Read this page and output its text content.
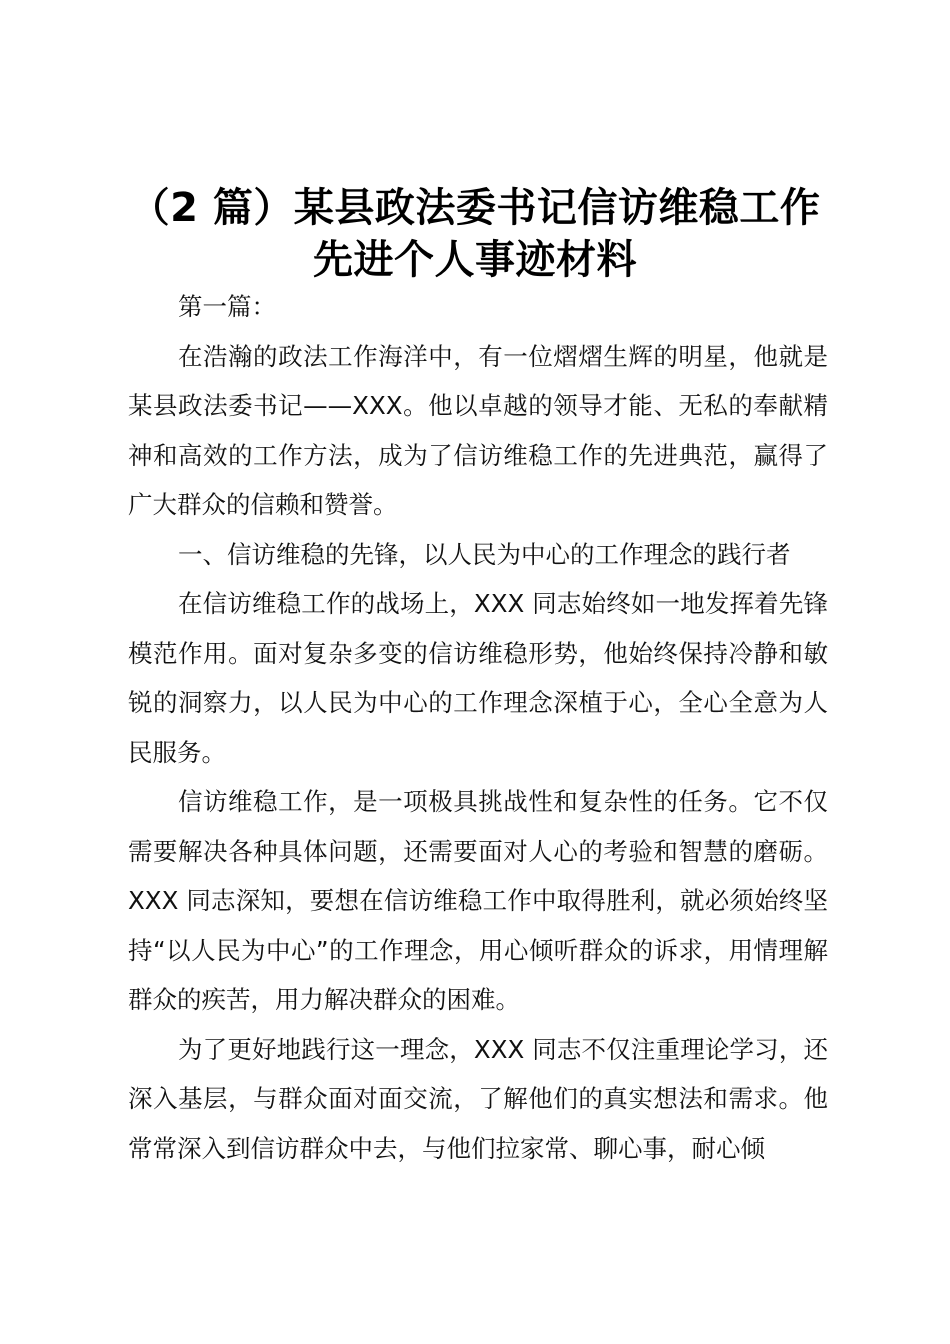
（2 篇）某县政法委书记信访维稳工作
先进个人事迹材料

第一篇：

在浩瀚的政法工作海洋中，有一位熠熠生辉的明星，他就是某县政法委书记——XXX。他以卓越的领导才能、无私的奉献精神和高效的工作方法，成为了信访维稳工作的先进典范，赢得了广大群众的信赖和赞誉。

一、信访维稳的先锋，以人民为中心的工作理念的践行者

在信访维稳工作的战场上，XXX 同志始终如一地发挥着先锋模范作用。面对复杂多变的信访维稳形势，他始终保持冷静和敏锐的洞察力，以人民为中心的工作理念深植于心，全心全意为人民服务。

信访维稳工作，是一项极具挑战性和复杂性的任务。它不仅需要解决各种具体问题，还需要面对人心的考验和智慧的磨砺。XXX 同志深知，要想在信访维稳工作中取得胜利，就必须始终坚持“以人民为中心”的工作理念，用心倾听群众的诉求，用情理解群众的疾苦，用力解决群众的困难。

为了更好地践行这一理念，XXX 同志不仅注重理论学习，还深入基层，与群众面对面交流，了解他们的真实想法和需求。他常常深入到信访群众中去，与他们拉家常、聊心事，耐心倾
